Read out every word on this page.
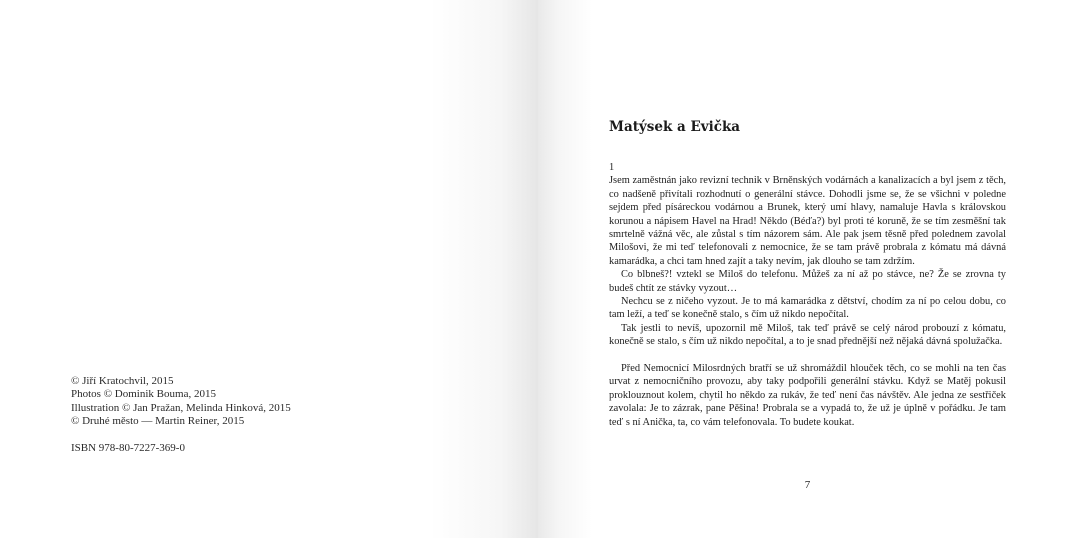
© Jiří Kratochvil, 2015
Photos © Dominik Bouma, 2015
Illustration © Jan Pražan, Melinda Hinková, 2015
© Druhé město — Martin Reiner, 2015
ISBN 978-80-7227-369-0
Matýsek a Evička
1

Jsem zaměstnán jako revizní technik v Brněnských vodárnách a kanalizacích a byl jsem z těch, co nadšeně přivítali rozhodnutí o generální stávce. Dohodli jsme se, že se všichni v poledne sejdem před písáreckou vodárnou a Brunek, který umí hlavy, namaluje Havla s královskou korunou a nápisem Havel na Hrad! Někdo (Béďa?) byl proti té koruně, že se tím zesměšní tak smrtelně vážná věc, ale zůstal s tím názorem sám. Ale pak jsem těsně před polednem zavolal Milošovi, že mi teď telefonovali z nemocnice, že se tam právě probrala z kómatu má dávná kamarádka, a chci tam hned zajít a taky nevím, jak dlouho se tam zdržím.

Co blbneš?! vztekl se Miloš do telefonu. Můžeš za ní až po stávce, ne? Že se zrovna ty budeš chtít ze stávky vyzout…

Nechcu se z ničeho vyzout. Je to má kamarádka z dětství, chodím za ní po celou dobu, co tam leží, a teď se konečně stalo, s čím už nikdo nepočítal.

Tak jestli to nevíš, upozornil mě Miloš, tak teď právě se celý národ probouzí z kómatu, konečně se stalo, s čím už nikdo nepočítal, a to je snad přednější než nějaká dávná spolužačka.

Před Nemocnicí Milosrdných bratří se už shromáždil hlouček těch, co se mohli na ten čas urvat z nemocničního provozu, aby taky podpořili generální stávku. Když se Matěj pokusil proklouznout kolem, chytil ho někdo za rukáv, že teď není čas návštěv. Ale jedna ze sestřiček zavolala: Je to zázrak, pane Pěšina! Probrala se a vypadá to, že už je úplně v pořádku. Je tam teď s ní Anička, ta, co vám telefonovala. To budete koukat.

7
